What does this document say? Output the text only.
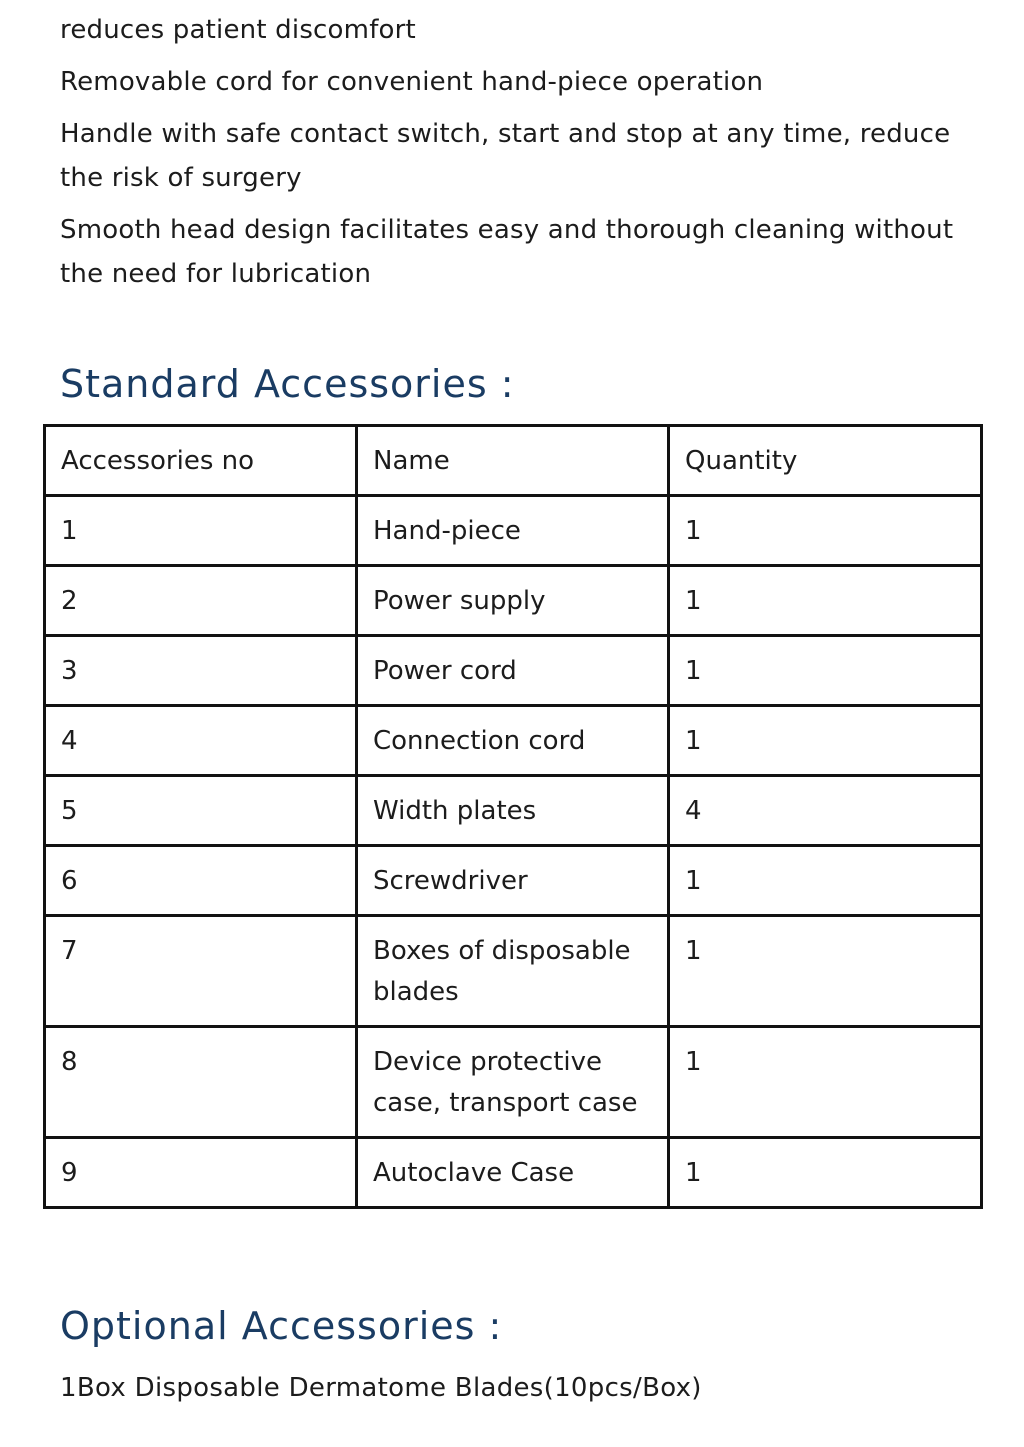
reduces patient discomfort
Removable cord for convenient hand-piece operation
Handle with safe contact switch, start and stop at any time, reduce the risk of surgery
Smooth head design facilitates easy and thorough cleaning without the need for lubrication
Standard Accessories :
Accessories no	Name	Quantity
1	Hand-piece	1
2	Power supply	1
3	Power cord	1
4	Connection cord	1
5	Width plates	4
6	Screwdriver	1
7	Boxes of disposable blades	1
8	Device protective case, transport case	1
9	Autoclave Case	1
Optional Accessories :

1Box Disposable Dermatome Blades(10pcs/Box)
